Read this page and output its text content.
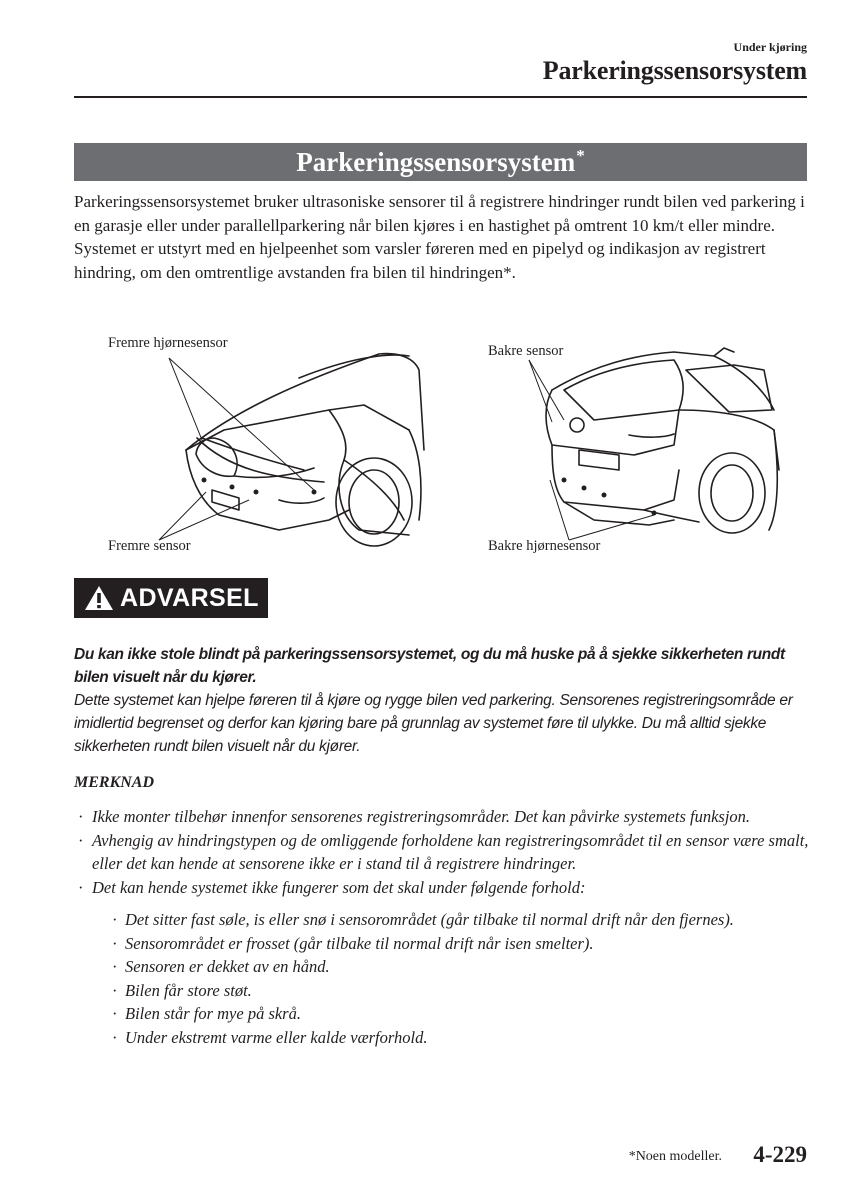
Under kjøring
Parkeringssensorsystem
Parkeringssensorsystem*

Parkeringssensorsystemet bruker ultrasoniske sensorer til å registrere hindringer rundt bilen ved parkering i en garasje eller under parallellparkering når bilen kjøres i en hastighet på omtrent 10 km/t eller mindre. Systemet er utstyrt med en hjelpeenhet som varsler føreren med en pipelyd og indikasjon av registrert hindring, om den omtrentlige avstanden fra bilen til hindringen*.

Fremre hjørnesensor
Fremre sensor
Bakre sensor
Bakre hjørnesensor
ADVARSEL

Du kan ikke stole blindt på parkeringssensorsystemet, og du må huske på å sjekke sikkerheten rundt bilen visuelt når du kjører.

Dette systemet kan hjelpe føreren til å kjøre og rygge bilen ved parkering. Sensorenes registreringsområde er imidlertid begrenset og derfor kan kjøring bare på grunnlag av systemet føre til ulykke. Du må alltid sjekke sikkerheten rundt bilen visuelt når du kjører.

MERKNAD
· Ikke monter tilbehør innenfor sensorenes registreringsområder. Det kan påvirke systemets funksjon.
· Avhengig av hindringstypen og de omliggende forholdene kan registreringsområdet til en sensor være smalt, eller det kan hende at sensorene ikke er i stand til å registrere hindringer.
· Det kan hende systemet ikke fungerer som det skal under følgende forhold:
· Det sitter fast søle, is eller snø i sensorområdet (går tilbake til normal drift når den fjernes).
· Sensorområdet er frosset (går tilbake til normal drift når isen smelter).
· Sensoren er dekket av en hånd.
· Bilen får store støt.
· Bilen står for mye på skrå.
· Under ekstremt varme eller kalde værforhold.
*Noen modeller. 4-229
